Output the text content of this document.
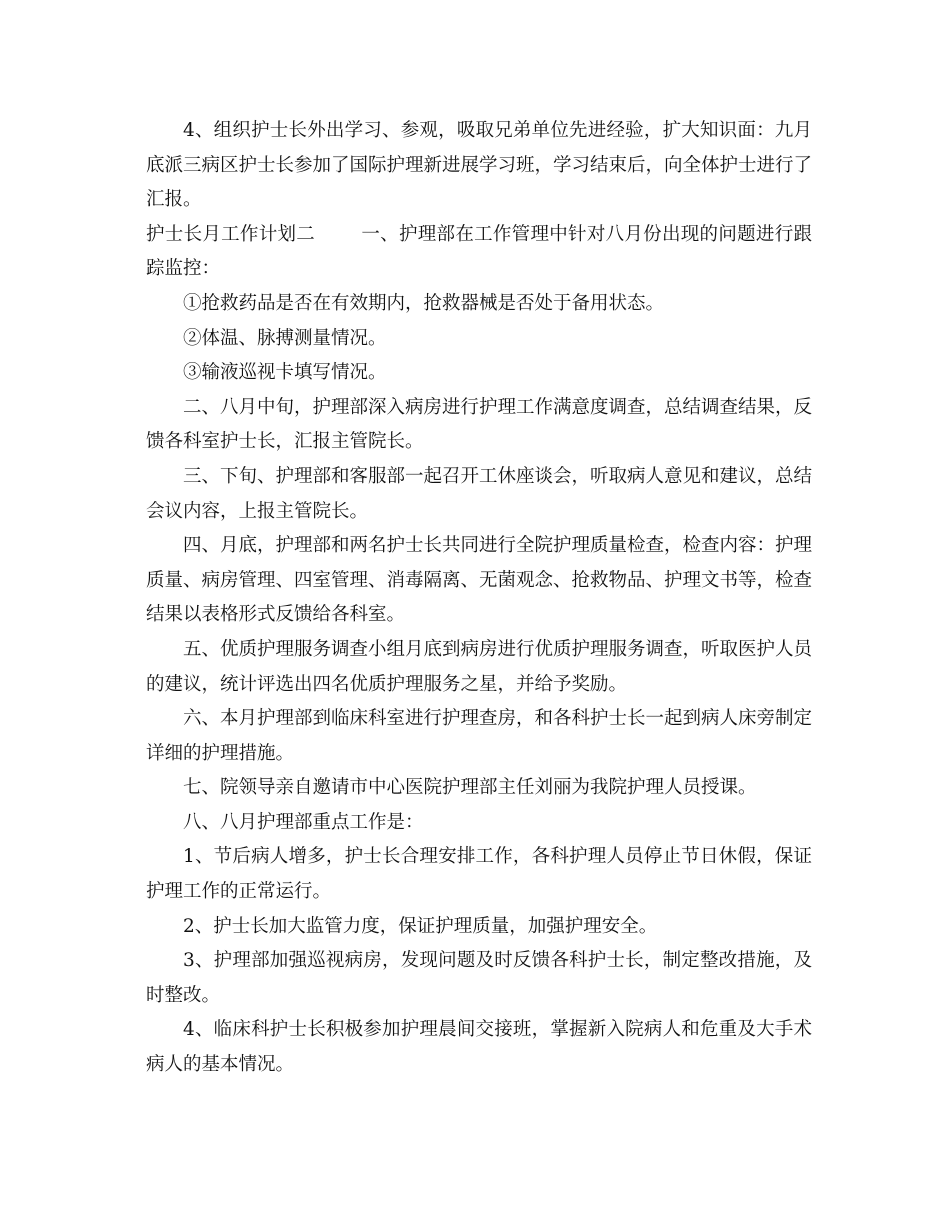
4、组织护士长外出学习、参观，吸取兄弟单位先进经验，扩大知识面：九月底派三病区护士长参加了国际护理新进展学习班，学习结束后，向全体护士进行了汇报。

护士长月工作计划二 一、护理部在工作管理中针对八月份出现的问题进行跟踪监控：

①抢救药品是否在有效期内，抢救器械是否处于备用状态。

②体温、脉搏测量情况。

③输液巡视卡填写情况。

二、八月中旬，护理部深入病房进行护理工作满意度调查，总结调查结果，反馈各科室护士长，汇报主管院长。

三、下旬、护理部和客服部一起召开工休座谈会，听取病人意见和建议，总结会议内容，上报主管院长。

四、月底，护理部和两名护士长共同进行全院护理质量检查，检查内容：护理质量、病房管理、四室管理、消毒隔离、无菌观念、抢救物品、护理文书等，检查结果以表格形式反馈给各科室。

五、优质护理服务调查小组月底到病房进行优质护理服务调查，听取医护人员的建议，统计评选出四名优质护理服务之星，并给予奖励。

六、本月护理部到临床科室进行护理查房，和各科护士长一起到病人床旁制定详细的护理措施。

七、院领导亲自邀请市中心医院护理部主任刘丽为我院护理人员授课。

八、八月护理部重点工作是：

1、节后病人增多，护士长合理安排工作，各科护理人员停止节日休假，保证护理工作的正常运行。

2、护士长加大监管力度，保证护理质量，加强护理安全。

3、护理部加强巡视病房，发现问题及时反馈各科护士长，制定整改措施，及时整改。

4、临床科护士长积极参加护理晨间交接班，掌握新入院病人和危重及大手术病人的基本情况。
